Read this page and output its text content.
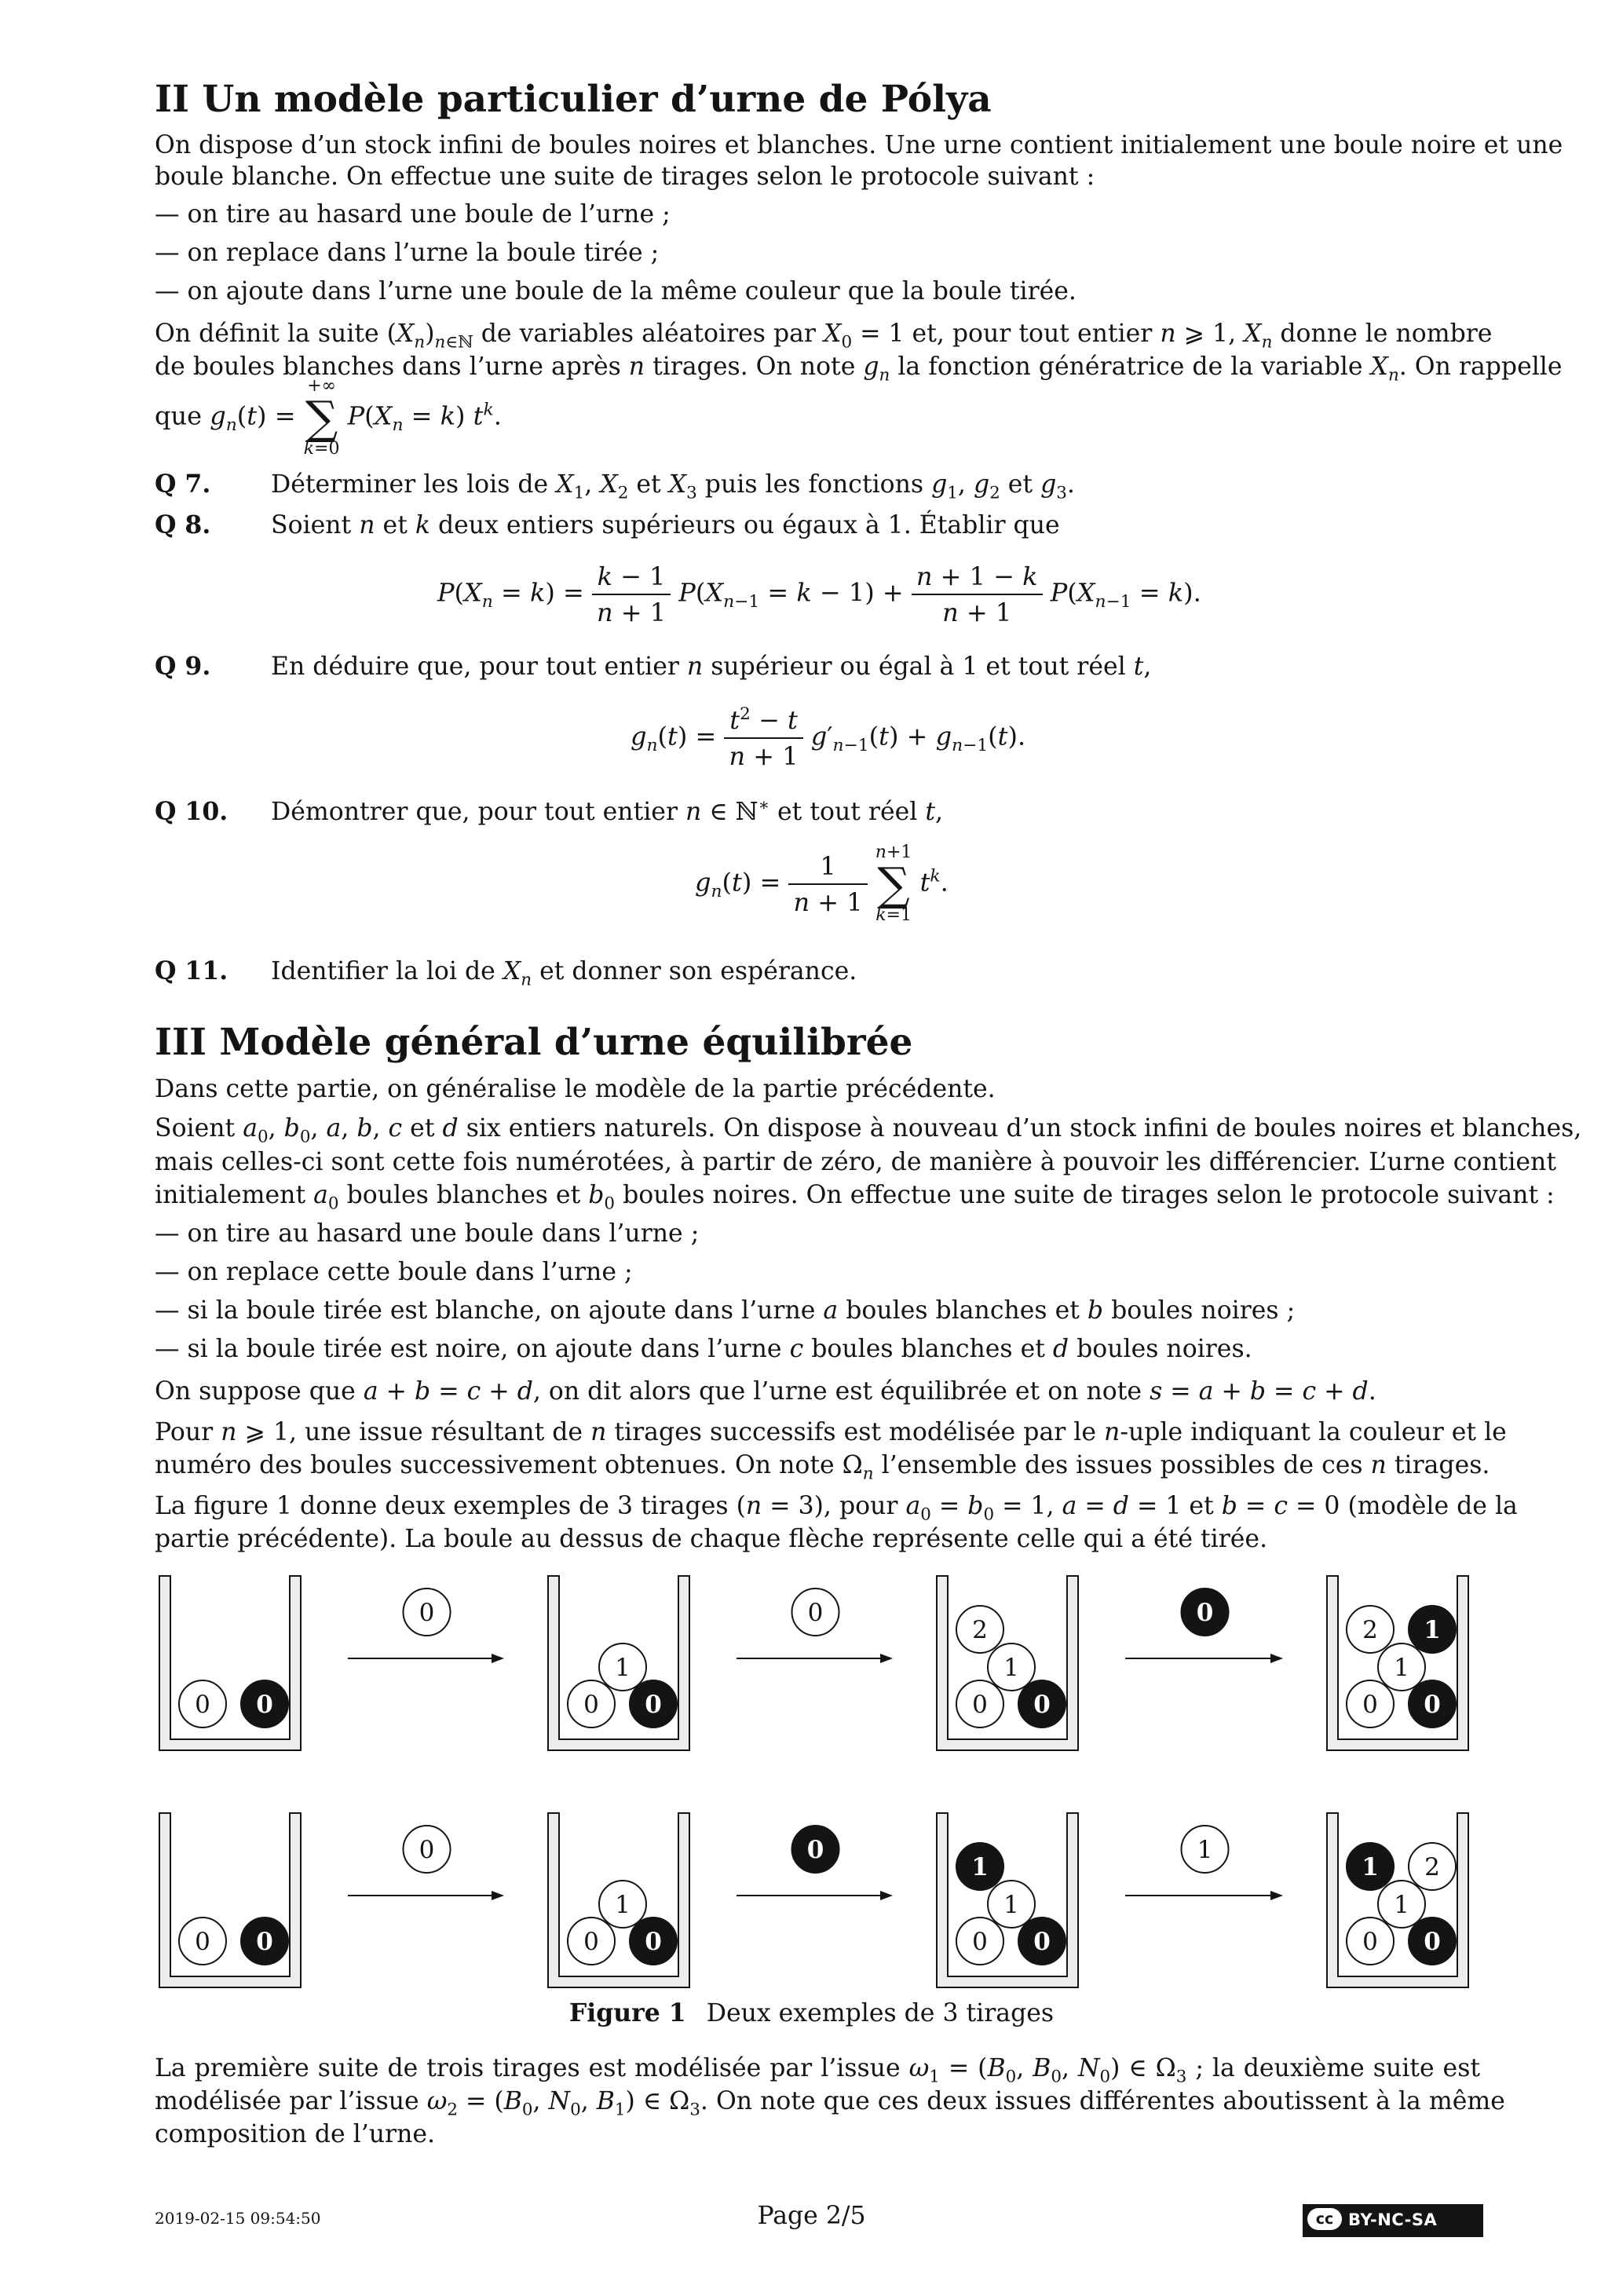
II Un modèle particulier d’urne de Pólya
On dispose d’un stock infini de boules noires et blanches. Une urne contient initialement une boule noire et une
boule blanche. On effectue une suite de tirages selon le protocole suivant :
— on tire au hasard une boule de l’urne ;
— on replace dans l’urne la boule tirée ;
— on ajoute dans l’urne une boule de la même couleur que la boule tirée.
On définit la suite $(X_n)_{n\in ℕ}$ de variables aléatoires par $X_0 = 1$ et, pour tout entier n ⩾ 1, $X_n$ donne le nombre
de boules blanches dans l’urne après n tirages. On note $g_n$ la fonction génératrice de la variable $X_n$. On rappelle
que $g_n(t)$ =
+∞
∑
k=0
$P(X_n = k)$ $t^k$.
Q 7. Déterminer les lois de $X_1$, $X_2$ et $X_3$ puis les fonctions $g_1$, $g_2$ et $g_3$.
Q 8. Soient n et k deux entiers supérieurs ou égaux à 1. Établir que
$P(X_n = k) = \frac{k - 1}{n + 1} P(X_{n-1} = k - 1) + \frac{n + 1 - k}{n + 1} P(X_{n-1} = k)$.
Q 9. En déduire que, pour tout entier n supérieur ou égal à 1 et tout réel t,
$g_n(t) = \frac{t^2 - t}{n + 1} g'_{n-1}(t) + g_{n-1}(t)$.
Q 10. Démontrer que, pour tout entier n ∈ ℕ∗ et tout réel t,
$g_n(t) = \frac{1}{n + 1}$
n+1
∑
k=1
$t^k$.
Q 11. Identifier la loi de $X_n$ et donner son espérance.
III Modèle général d’urne équilibrée
Dans cette partie, on généralise le modèle de la partie précédente.
Soient $a_0$, $b_0$, a, b, c et d six entiers naturels. On dispose à nouveau d’un stock infini de boules noires et blanches,
mais celles-ci sont cette fois numérotées, à partir de zéro, de manière à pouvoir les différencier. L’urne contient
initialement $a_0$ boules blanches et $b_0$ boules noires. On effectue une suite de tirages selon le protocole suivant :
— on tire au hasard une boule dans l’urne ;
— on replace cette boule dans l’urne ;
— si la boule tirée est blanche, on ajoute dans l’urne a boules blanches et b boules noires ;
— si la boule tirée est noire, on ajoute dans l’urne c boules blanches et d boules noires.
On suppose que a + b = c + d, on dit alors que l’urne est équilibrée et on note s = a + b = c + d.
Pour n ⩾ 1, une issue résultant de n tirages successifs est modélisée par le n-uple indiquant la couleur et le
numéro des boules successivement obtenues. On note $\Omega_n$ l’ensemble des issues possibles de ces n tirages.
La figure 1 donne deux exemples de 3 tirages (n = 3), pour $a_0 = b_0 = 1$, a = d = 1 et b = c = 0 (modèle de la
partie précédente). La boule au dessus de chaque flèche représente celle qui a été tirée.
0 0	0 0
1
0 0
1
2
0 0
1
2 1
0	0	0
0 0	0 0
1
0 0
1
1
0 0
1
1 2
0	0	1
Figure 1 Deux exemples de 3 tirages
La première suite de trois tirages est modélisée par l’issue $\omega_1 = (B_0$, $B_0$, $N_0$) ∈ $\Omega_3$ ; la deuxième suite est
modélisée par l’issue $\omega_2 = (B_0$, $N_0$, $B_1$) ∈ $\Omega_3$. On note que ces deux issues différentes aboutissent à la même
composition de l’urne.
2019-02-15 09:54:50	Page 2/5	cc BY-NC-SA
